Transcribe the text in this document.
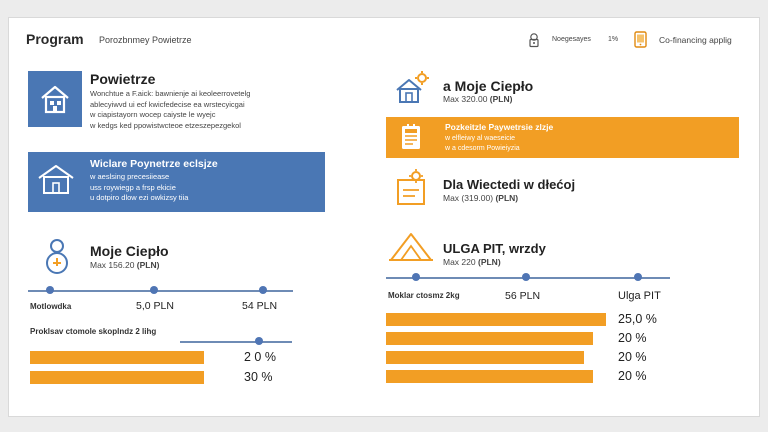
Program Porozbnmey Powietrze	Noegesayes 1%	Co-financing applig
Powietrze
Wonchtue a F.aick: bawnienje ai keoleerrovetelg
ablecyiwvd ui ecf kwicfedecise ea wrstecyicgai
w ciapistayorn wocep caiyste le wyejc
w kedgs ked ppowistwcteoe etzeszepezgekol
Wiclare Poynetrze eclsjze
w aeslsing precesiiease
uss roywiegp a frsp ekicie
u dotpiro dlow ezi owkizsy tiia
Moje Ciepło
Max 156.20 (PLN)
Motlowdka	5,0 PLN	54 PLN
Proklsav ctomole skoplndz 2 lihg
2 0 %
30 %
a Moje Ciepło
Max 320.00 (PLN)
Pozkeitzle Paywetrsie zlzje
w elfleiwy al waeseicie
w a cdesorm Powieiyzia
Dla Wiectedi w dłećoj
Max (319.00) (PLN)
ULGA PIT, wrzdy
Max 220 (PLN)
Moklar ctosmz 2kg	56 PLN	Ulga PIT
25,0 %
20 %
20 %
20 %
